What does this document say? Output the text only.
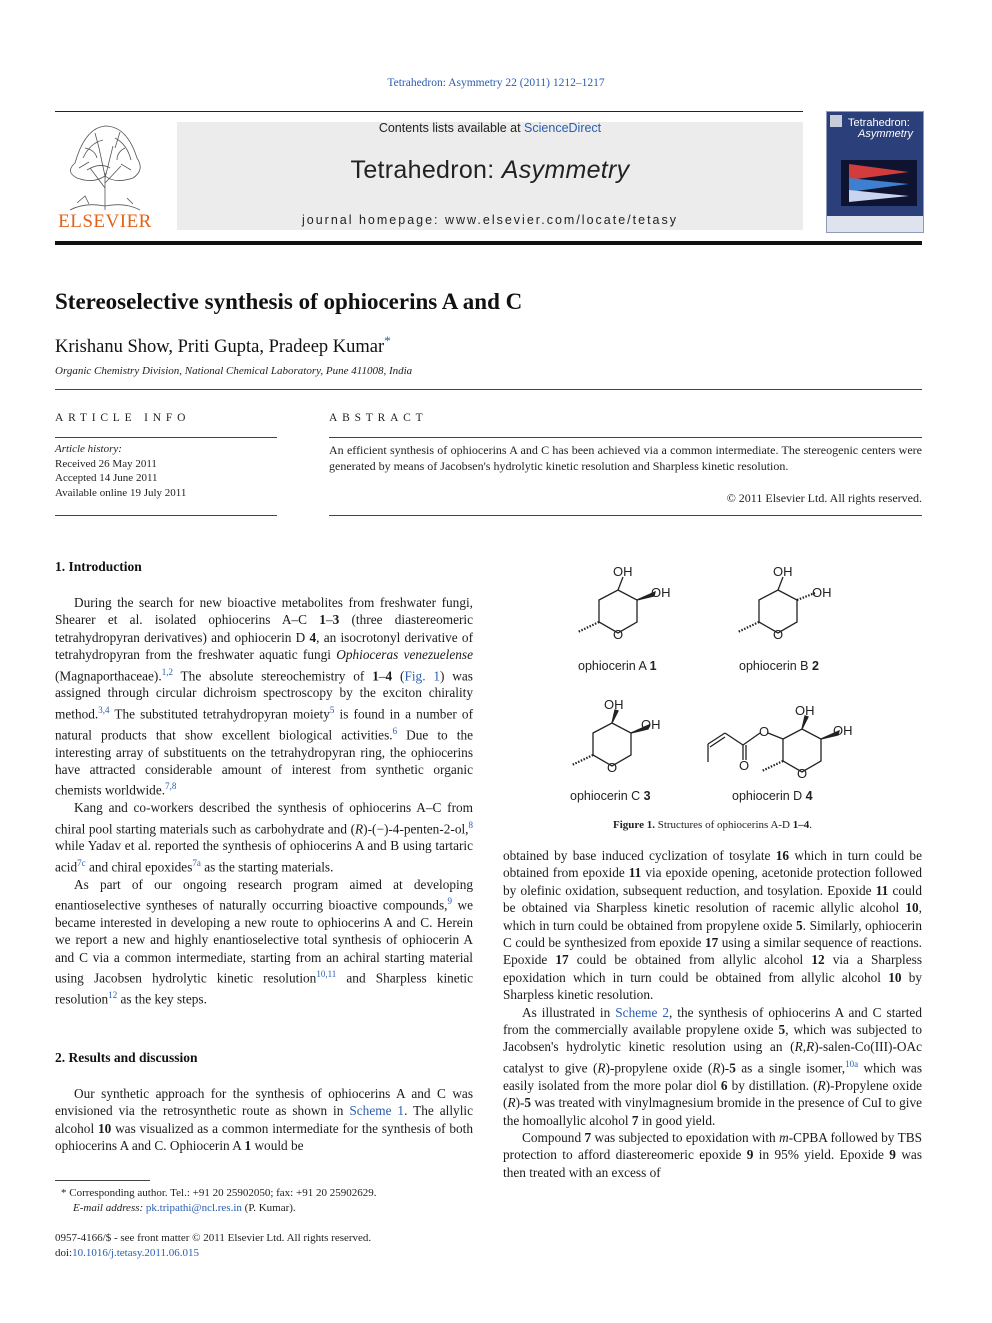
Tetrahedron: Asymmetry 22 (2011) 1212–1217
ELSEVIER
Contents lists available at ScienceDirect
Tetrahedron: Asymmetry
journal homepage: www.elsevier.com/locate/tetasy
Tetrahedron:
Asymmetry
Stereoselective synthesis of ophiocerins A and C
Krishanu Show, Priti Gupta, Pradeep Kumar*
Organic Chemistry Division, National Chemical Laboratory, Pune 411008, India
ARTICLE INFO
Article history:
Received 26 May 2011
Accepted 14 June 2011
Available online 19 July 2011
ABSTRACT
An efficient synthesis of ophiocerins A and C has been achieved via a common intermediate. The stereogenic centers were generated by means of Jacobsen's hydrolytic kinetic resolution and Sharpless kinetic resolution.
© 2011 Elsevier Ltd. All rights reserved.
1. Introduction

During the search for new bioactive metabolites from freshwater fungi, Shearer et al. isolated ophiocerins A–C 1–3 (three diastereomeric tetrahydropyran derivatives) and ophiocerin D 4, an isocrotonyl derivative of tetrahydropyran from the freshwater aquatic fungi Ophioceras venezuelense (Magnaporthaceae).$^{1,2}$ The absolute stereochemistry of 1–4 (Fig. 1) was assigned through circular dichroism spectroscopy by the exciton chirality method.$^{3,4}$ The substituted tetrahydropyran moiety$^5$ is found in a number of natural products that show excellent biological activities.$^6$ Due to the interesting array of substituents on the tetrahydropyran ring, the ophiocerins have attracted considerable amount of interest from synthetic organic chemists worldwide.$^{7,8}$

Kang and co-workers described the synthesis of ophiocerins A–C from chiral pool starting materials such as carbohydrate and (R)-(−)-4-penten-2-ol,$^8$ while Yadav et al. reported the synthesis of ophiocerins A and B using tartaric acid$^{7c}$ and chiral epoxides$^{7a}$ as the starting materials.

As part of our ongoing research program aimed at developing enantioselective syntheses of naturally occurring bioactive compounds,$^9$ we became interested in developing a new route to ophiocerins A and C. Herein we report a new and highly enantioselective total synthesis of ophiocerin A and C via a common intermediate, starting from an achiral starting material using Jacobsen hydrolytic kinetic resolution$^{10,11}$ and Sharpless kinetic resolution$^{12}$ as the key steps.

2. Results and discussion

Our synthetic approach for the synthesis of ophiocerins A and C was envisioned via the retrosynthetic route as shown in Scheme 1. The allylic alcohol 10 was visualized as a common intermediate for the synthesis of both ophiocerins A and C. Ophiocerin A 1 would be

* Corresponding author. Tel.: +91 20 25902050; fax: +91 20 25902629.
E-mail address: pk.tripathi@ncl.res.in (P. Kumar).
0957-4166/$ - see front matter © 2011 Elsevier Ltd. All rights reserved.
doi:10.1016/j.tetasy.2011.06.015
OH
OH
O
OH
OH
O
OH
OH
O
OH
OH
O
O
O
ophiocerin A 1	ophiocerin B 2
ophiocerin C 3	ophiocerin D 4
Figure 1. Structures of ophiocerins A-D 1–4.

obtained by base induced cyclization of tosylate 16 which in turn could be obtained from epoxide 11 via epoxide opening, acetonide protection followed by olefinic oxidation, subsequent reduction, and tosylation. Epoxide 11 could be obtained via Sharpless kinetic resolution of racemic allylic alcohol 10, which in turn could be obtained from propylene oxide 5. Similarly, ophiocerin C could be synthesized from epoxide 17 using a similar sequence of reactions. Epoxide 17 could be obtained from allylic alcohol 12 via a Sharpless epoxidation which in turn could be obtained from allylic alcohol 10 by Sharpless kinetic resolution.

As illustrated in Scheme 2, the synthesis of ophiocerins A and C started from the commercially available propylene oxide 5, which was subjected to Jacobsen's hydrolytic kinetic resolution using an (R,R)-salen-Co(III)-OAc catalyst to give (R)-propylene oxide (R)-5 as a single isomer,$^{10a}$ which was easily isolated from the more polar diol 6 by distillation. (R)-Propylene oxide (R)-5 was treated with vinylmagnesium bromide in the presence of CuI to give the homoallylic alcohol 7 in good yield.

Compound 7 was subjected to epoxidation with m-CPBA followed by TBS protection to afford diastereomeric epoxide 9 in 95% yield. Epoxide 9 was then treated with an excess of
